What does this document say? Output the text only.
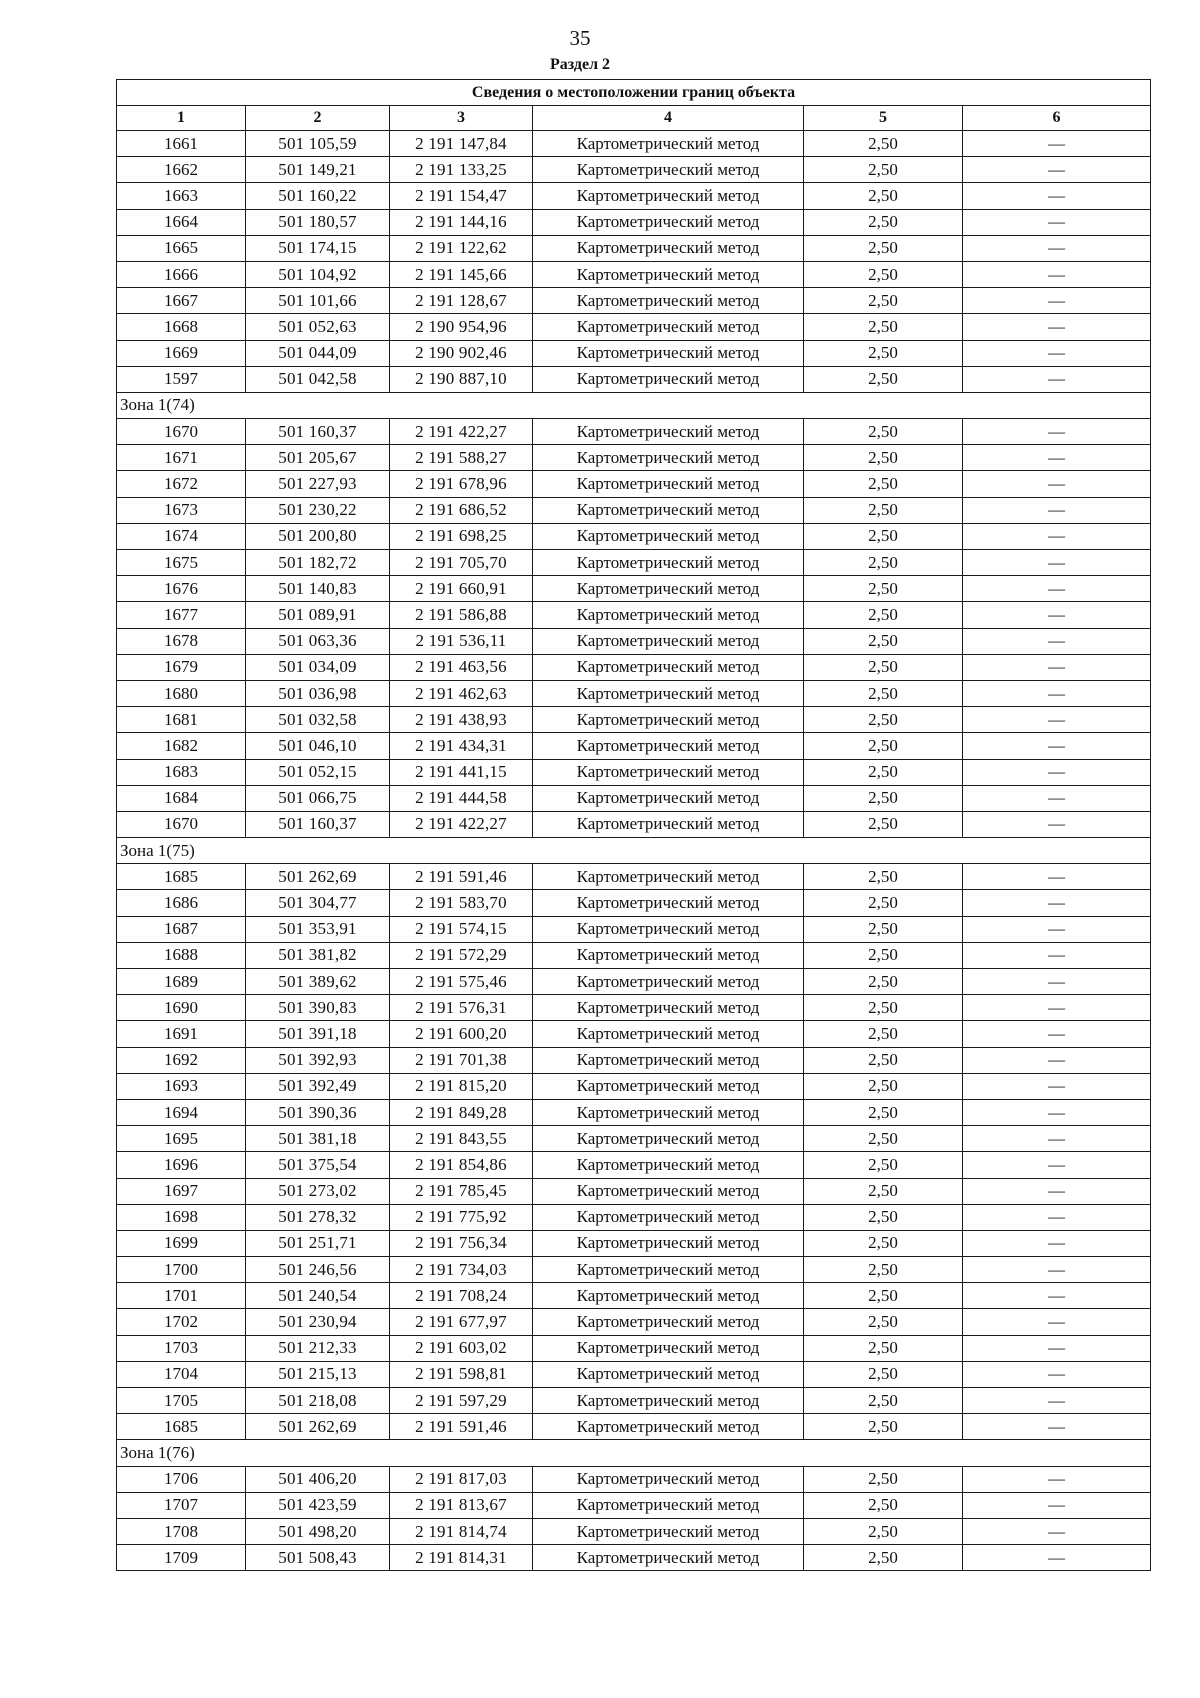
35
Раздел 2
Сведения о местоположении границ объекта					
1	2	3	4	5	6
1661	501 105,59	2 191 147,84	Картометрический метод	2,50	—
1662	501 149,21	2 191 133,25	Картометрический метод	2,50	—
1663	501 160,22	2 191 154,47	Картометрический метод	2,50	—
1664	501 180,57	2 191 144,16	Картометрический метод	2,50	—
1665	501 174,15	2 191 122,62	Картометрический метод	2,50	—
1666	501 104,92	2 191 145,66	Картометрический метод	2,50	—
1667	501 101,66	2 191 128,67	Картометрический метод	2,50	—
1668	501 052,63	2 190 954,96	Картометрический метод	2,50	—
1669	501 044,09	2 190 902,46	Картометрический метод	2,50	—
1597	501 042,58	2 190 887,10	Картометрический метод	2,50	—
Зона 1(74)					
1670	501 160,37	2 191 422,27	Картометрический метод	2,50	—
1671	501 205,67	2 191 588,27	Картометрический метод	2,50	—
1672	501 227,93	2 191 678,96	Картометрический метод	2,50	—
1673	501 230,22	2 191 686,52	Картометрический метод	2,50	—
1674	501 200,80	2 191 698,25	Картометрический метод	2,50	—
1675	501 182,72	2 191 705,70	Картометрический метод	2,50	—
1676	501 140,83	2 191 660,91	Картометрический метод	2,50	—
1677	501 089,91	2 191 586,88	Картометрический метод	2,50	—
1678	501 063,36	2 191 536,11	Картометрический метод	2,50	—
1679	501 034,09	2 191 463,56	Картометрический метод	2,50	—
1680	501 036,98	2 191 462,63	Картометрический метод	2,50	—
1681	501 032,58	2 191 438,93	Картометрический метод	2,50	—
1682	501 046,10	2 191 434,31	Картометрический метод	2,50	—
1683	501 052,15	2 191 441,15	Картометрический метод	2,50	—
1684	501 066,75	2 191 444,58	Картометрический метод	2,50	—
1670	501 160,37	2 191 422,27	Картометрический метод	2,50	—
Зона 1(75)					
1685	501 262,69	2 191 591,46	Картометрический метод	2,50	—
1686	501 304,77	2 191 583,70	Картометрический метод	2,50	—
1687	501 353,91	2 191 574,15	Картометрический метод	2,50	—
1688	501 381,82	2 191 572,29	Картометрический метод	2,50	—
1689	501 389,62	2 191 575,46	Картометрический метод	2,50	—
1690	501 390,83	2 191 576,31	Картометрический метод	2,50	—
1691	501 391,18	2 191 600,20	Картометрический метод	2,50	—
1692	501 392,93	2 191 701,38	Картометрический метод	2,50	—
1693	501 392,49	2 191 815,20	Картометрический метод	2,50	—
1694	501 390,36	2 191 849,28	Картометрический метод	2,50	—
1695	501 381,18	2 191 843,55	Картометрический метод	2,50	—
1696	501 375,54	2 191 854,86	Картометрический метод	2,50	—
1697	501 273,02	2 191 785,45	Картометрический метод	2,50	—
1698	501 278,32	2 191 775,92	Картометрический метод	2,50	—
1699	501 251,71	2 191 756,34	Картометрический метод	2,50	—
1700	501 246,56	2 191 734,03	Картометрический метод	2,50	—
1701	501 240,54	2 191 708,24	Картометрический метод	2,50	—
1702	501 230,94	2 191 677,97	Картометрический метод	2,50	—
1703	501 212,33	2 191 603,02	Картометрический метод	2,50	—
1704	501 215,13	2 191 598,81	Картометрический метод	2,50	—
1705	501 218,08	2 191 597,29	Картометрический метод	2,50	—
1685	501 262,69	2 191 591,46	Картометрический метод	2,50	—
Зона 1(76)					
1706	501 406,20	2 191 817,03	Картометрический метод	2,50	—
1707	501 423,59	2 191 813,67	Картометрический метод	2,50	—
1708	501 498,20	2 191 814,74	Картометрический метод	2,50	—
1709	501 508,43	2 191 814,31	Картометрический метод	2,50	—
